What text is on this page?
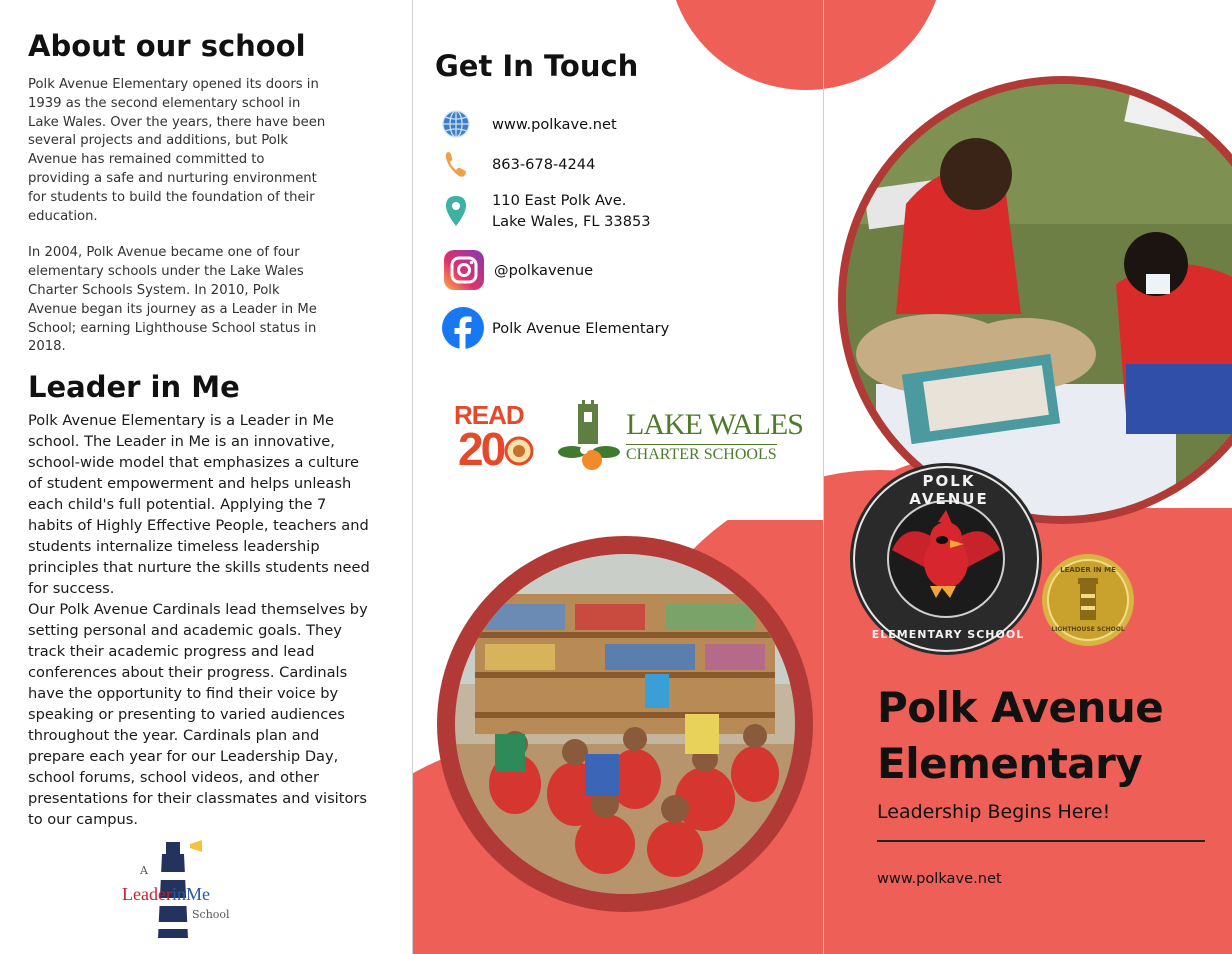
About our school

Polk Avenue Elementary opened its doors in 1939 as the second elementary school in Lake Wales. Over the years, there have been several projects and additions, but Polk Avenue has remained committed to providing a safe and nurturing environment for students to build the foundation of their education.

In 2004, Polk Avenue became one of four elementary schools under the Lake Wales Charter Schools System. In 2010, Polk Avenue began its journey as a Leader in Me School; earning Lighthouse School status in 2018.

Leader in Me

Polk Avenue Elementary is a Leader in Me school. The Leader in Me is an innovative, school-wide model that emphasizes a culture of student empowerment and helps unleash each child's full potential. Applying the 7 habits of Highly Effective People, teachers and students internalize timeless leadership principles that nurture the skills students need for success.

Our Polk Avenue Cardinals lead themselves by setting personal and academic goals. They track their academic progress and lead conferences about their progress. Cardinals have the opportunity to find their voice by speaking or presenting to varied audiences throughout the year. Cardinals plan and prepare each year for our Leadership Day, school forums, school videos, and other presentations for their classmates and visitors to our campus.

A
LeaderinMe
School
Get In Touch
www.polkave.net
863-678-4244
110 East Polk Ave.
Lake Wales, FL 33853
@polkavenue
Polk Avenue Elementary
READ
20	LAKE WALES
CHARTER SCHOOLS
POLK AVENUE
ELEMENTARY SCHOOL
LEADER IN ME
LIGHTHOUSE SCHOOL
Polk Avenue
Elementary
Leadership Begins Here!
www.polkave.net
